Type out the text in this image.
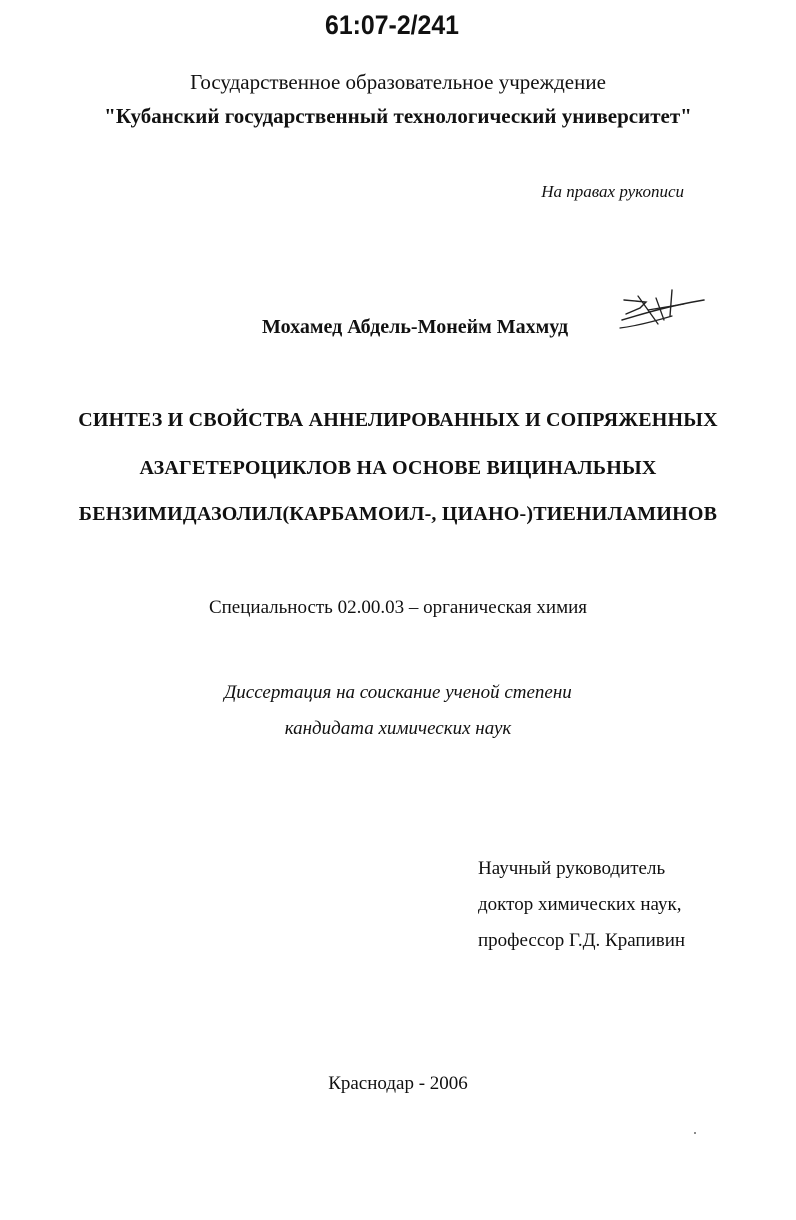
61:07-2/241
Государственное образовательное учреждение
"Кубанский государственный технологический университет"
На правах рукописи
Мохамед Абдель-Монейм Махмуд
СИНТЕЗ И СВОЙСТВА АННЕЛИРОВАННЫХ И СОПРЯЖЕННЫХ
АЗАГЕТЕРОЦИКЛОВ НА ОСНОВЕ ВИЦИНАЛЬНЫХ
БЕНЗИМИДАЗОЛИЛ(КАРБАМОИЛ-, ЦИАНО-)ТИЕНИЛАМИНОВ
Специальность 02.00.03 – органическая химия
Диссертация на соискание ученой степени
кандидата химических наук
Научный руководитель
доктор химических наук,
профессор Г.Д. Крапивин
Краснодар - 2006
